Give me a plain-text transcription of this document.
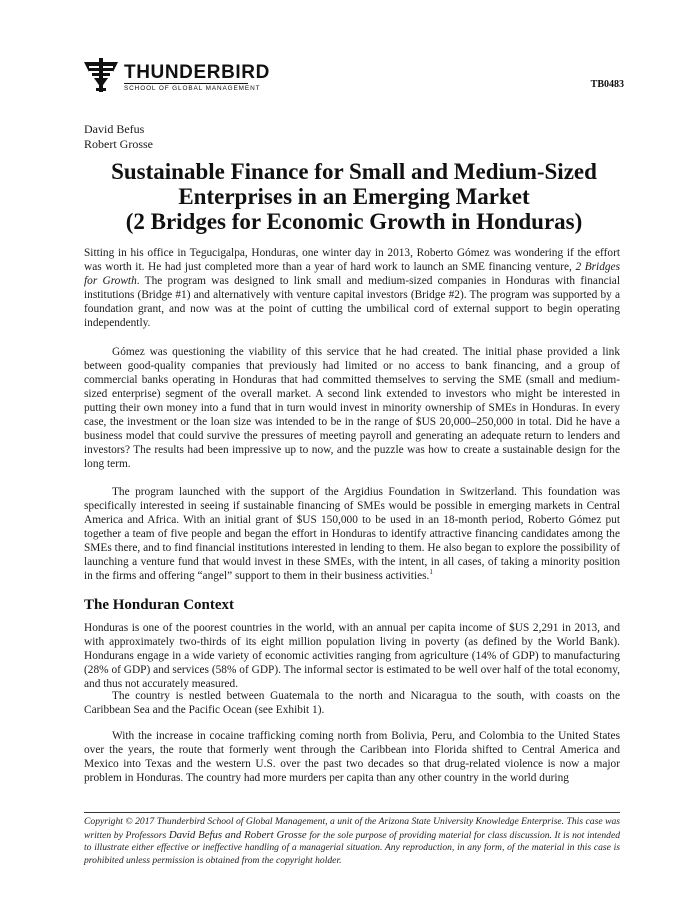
THUNDERBIRD
SCHOOL OF GLOBAL MANAGEMENT	TB0483
David Befus
Robert Grosse
Sustainable Finance for Small and Medium-Sized
Enterprises in an Emerging Market
(2 Bridges for Economic Growth in Honduras)

Sitting in his office in Tegucigalpa, Honduras, one winter day in 2013, Roberto Gómez was wondering if the effort was worth it. He had just completed more than a year of hard work to launch an SME financing venture, 2 Bridges for Growth. The program was designed to link small and medium-sized companies in Honduras with financial institutions (Bridge #1) and alternatively with venture capital investors (Bridge #2). The program was supported by a foundation grant, and now was at the point of cutting the umbilical cord of external support to begin operating independently.

Gómez was questioning the viability of this service that he had created. The initial phase provided a link between good-quality companies that previously had limited or no access to bank financing, and a group of commercial banks operating in Honduras that had committed themselves to serving the SME (small and medium-sized enterprise) segment of the overall market. A second link extended to investors who might be interested in putting their own money into a fund that in turn would invest in minority ownership of SMEs in Honduras. In every case, the investment or the loan size was intended to be in the range of $US 20,000–250,000 in total. Did he have a business model that could survive the pressures of meeting payroll and generating an adequate return to lenders and investors? The results had been impressive up to now, and the puzzle was how to create a sustainable design for the long term.

The program launched with the support of the Argidius Foundation in Switzerland. This foundation was specifically interested in seeing if sustainable financing of SMEs would be possible in emerging markets in Central America and Africa. With an initial grant of $US 150,000 to be used in an 18-month period, Roberto Gómez put together a team of five people and began the effort in Honduras to identify attractive financing candidates among the SMEs there, and to find financial institutions interested in lending to them. He also began to explore the possibility of launching a venture fund that would invest in these SMEs, with the intent, in all cases, of taking a minority position in the firms and offering “angel” support to them in their business activities.$^1$

The Honduran Context

Honduras is one of the poorest countries in the world, with an annual per capita income of $US 2,291 in 2013, and with approximately two-thirds of its eight million population living in poverty (as defined by the World Bank). Hondurans engage in a wide variety of economic activities ranging from agriculture (14% of GDP) to manufacturing (28% of GDP) and services (58% of GDP). The informal sector is estimated to be well over half of the total economy, and thus not accurately measured.

The country is nestled between Guatemala to the north and Nicaragua to the south, with coasts on the Caribbean Sea and the Pacific Ocean (see Exhibit 1).

With the increase in cocaine trafficking coming north from Bolivia, Peru, and Colombia to the United States over the years, the route that formerly went through the Caribbean into Florida shifted to Central America and Mexico into Texas and the western U.S. over the past two decades so that drug-related violence is now a major problem in Honduras. The country had more murders per capita than any other country in the world during

Copyright © 2017 Thunderbird School of Global Management, a unit of the Arizona State University Knowledge Enterprise. This case was written by Professors David Befus and Robert Grosse for the sole purpose of providing material for class discussion. It is not intended to illustrate either effective or ineffective handling of a managerial situation. Any reproduction, in any form, of the material in this case is prohibited unless permission is obtained from the copyright holder.
